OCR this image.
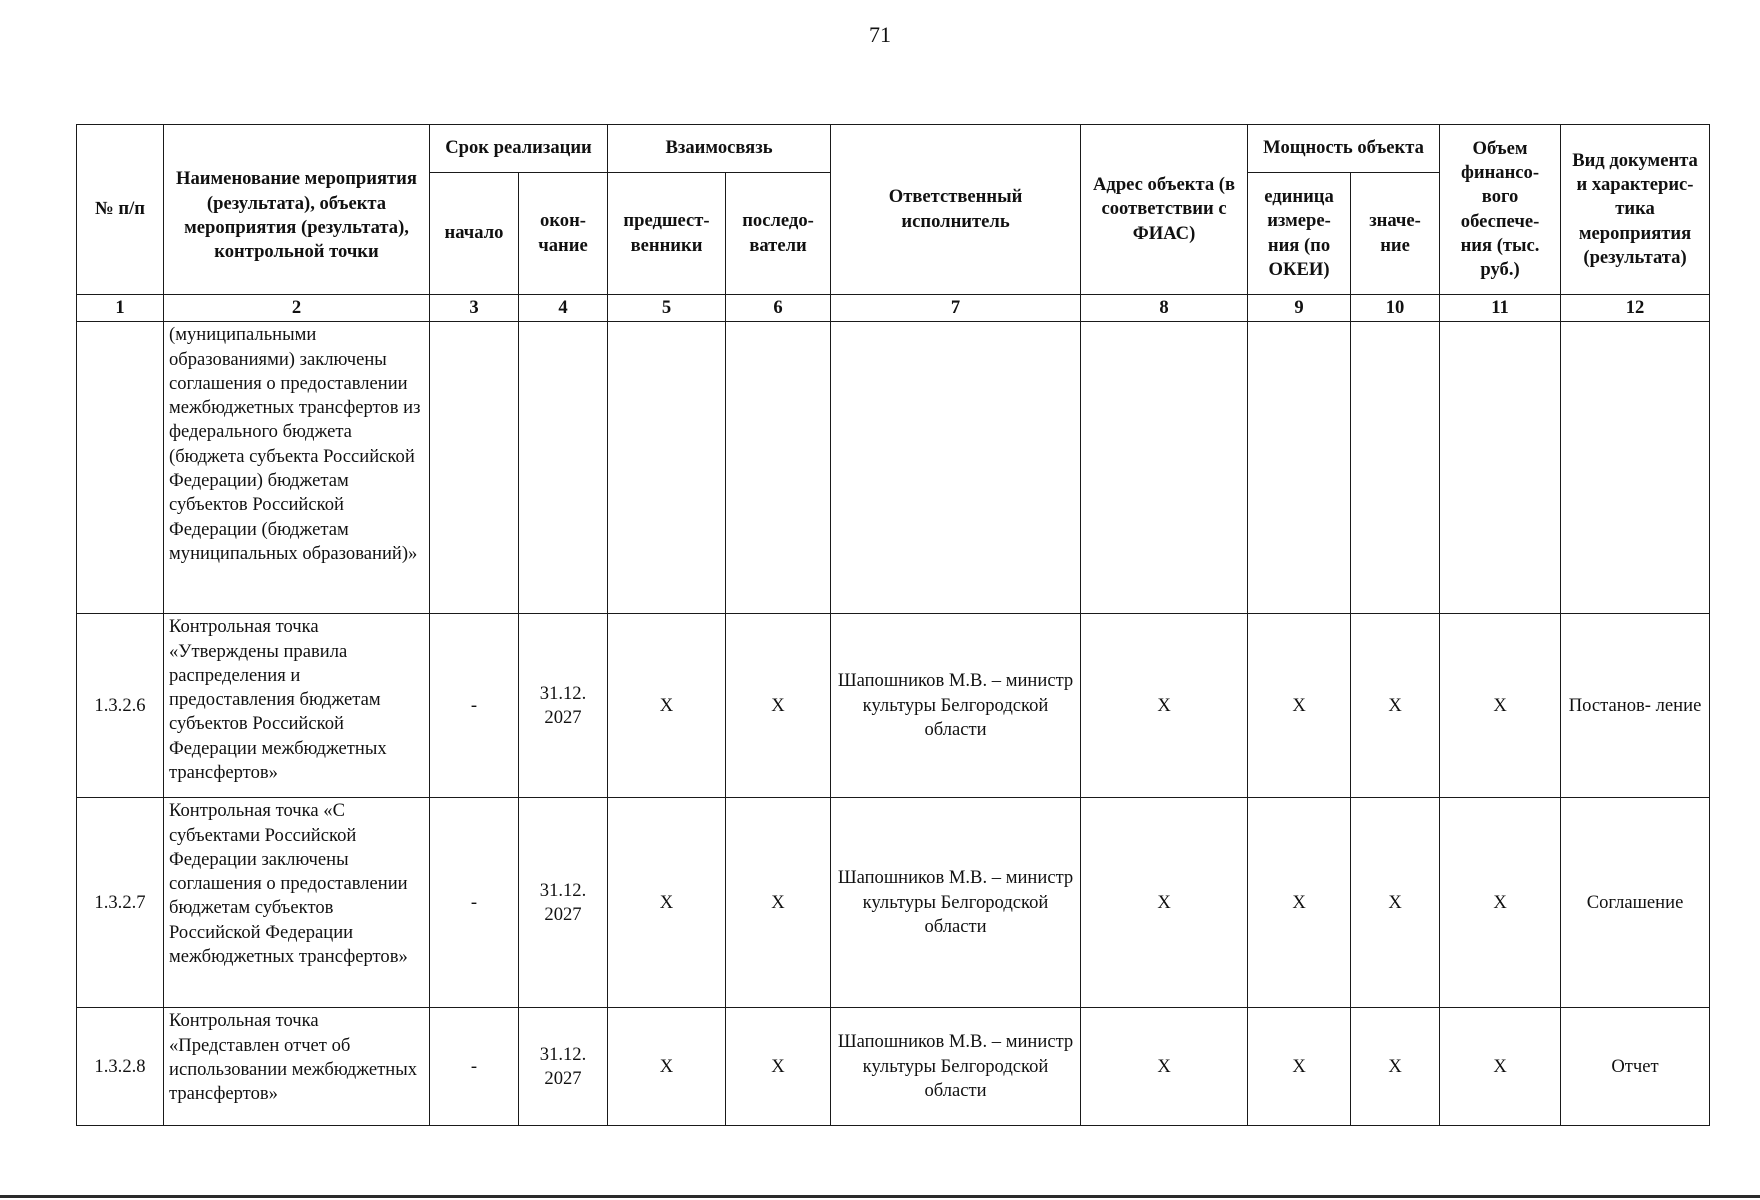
71
№ п/п	Наименование мероприятия (результата), объекта мероприятия (результата), контрольной точки	Срок реализации		Взаимосвязь		Ответственный исполнитель	Адрес объекта (в соответствии с ФИАС)	Мощность объекта		Объем финансо- вого обеспече- ния (тыс. руб.)	Вид документа и характерис- тика мероприятия (результата)
		начало	окон- чание	предшест- венники	последо- ватели			единица измере- ния (по ОКЕИ)	значе- ние		
1	2	3	4	5	6	7	8	9	10	11	12
	(муниципальными образованиями) заключены соглашения о предоставлении межбюджетных трансфертов из федерального бюджета (бюджета субъекта Российской Федерации) бюджетам субъектов Российской Федерации (бюджетам муниципальных образований)»										
1.3.2.6	Контрольная точка «Утверждены правила распределения и предоставления бюджетам субъектов Российской Федерации межбюджетных трансфертов»	-	31.12. 2027	X	X	Шапошников М.В. – министр культуры Белгородской области	X	X	X	X	Постанов- ление
1.3.2.7	Контрольная точка «С субъектами Российской Федерации заключены соглашения о предоставлении бюджетам субъектов Российской Федерации межбюджетных трансфертов»	-	31.12. 2027	X	X	Шапошников М.В. – министр культуры Белгородской области	X	X	X	X	Соглашение
1.3.2.8	Контрольная точка «Представлен отчет об использовании межбюджетных трансфертов»	-	31.12. 2027	X	X	Шапошников М.В. – министр культуры Белгородской области	X	X	X	X	Отчет
